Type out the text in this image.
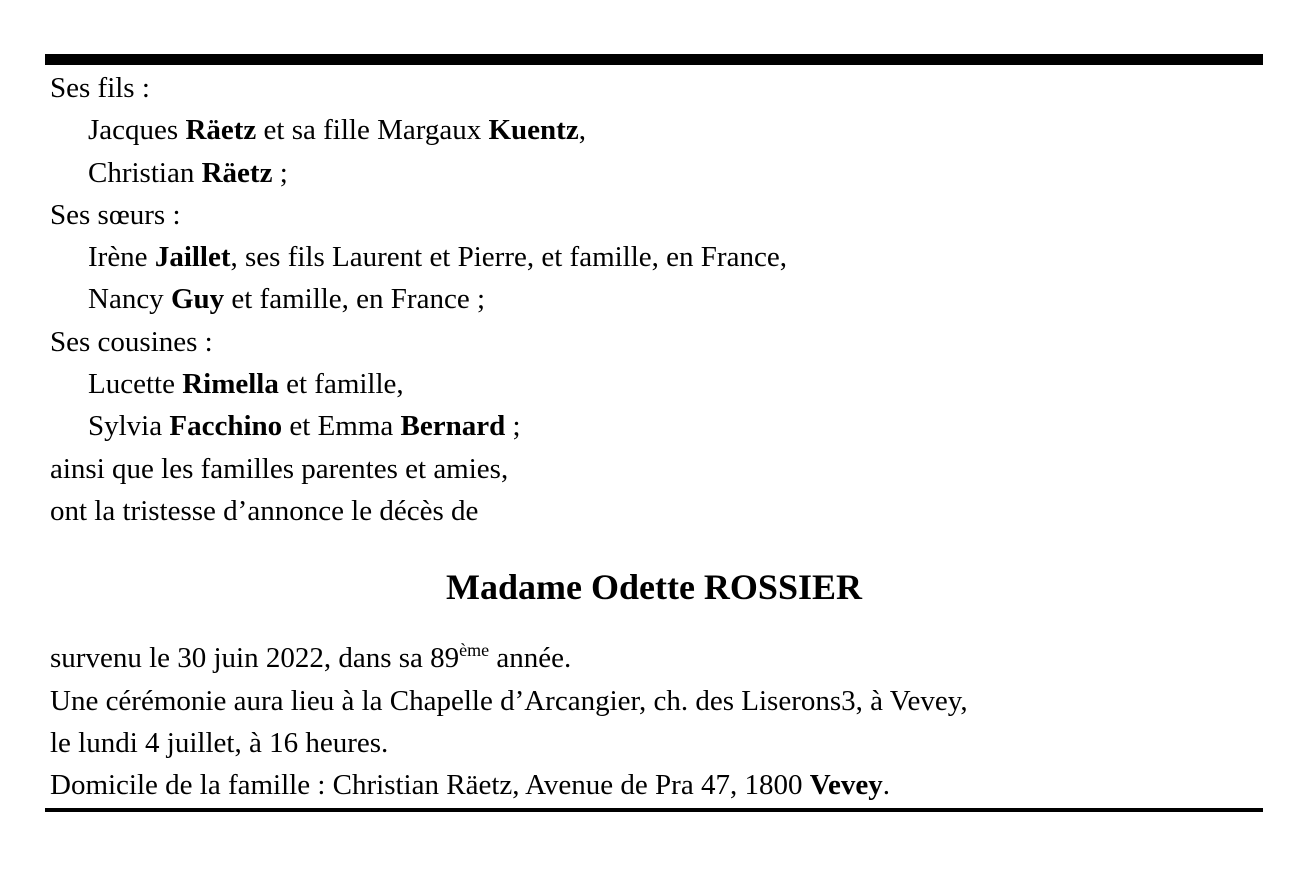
Ses fils :
Jacques Räetz et sa fille Margaux Kuentz,
Christian Räetz ;
Ses sœurs :
Irène Jaillet, ses fils Laurent et Pierre, et famille, en France,
Nancy Guy et famille, en France ;
Ses cousines :
Lucette Rimella et famille,
Sylvia Facchino et Emma Bernard ;
ainsi que les familles parentes et amies,
ont la tristesse d’annonce le décès de
Madame Odette ROSSIER
survenu le 30 juin 2022, dans sa 89ème année.
Une cérémonie aura lieu à la Chapelle d’Arcangier, ch. des Liserons3, à Vevey,
le lundi 4 juillet, à 16 heures.
Domicile de la famille : Christian Räetz, Avenue de Pra 47, 1800 Vevey.
